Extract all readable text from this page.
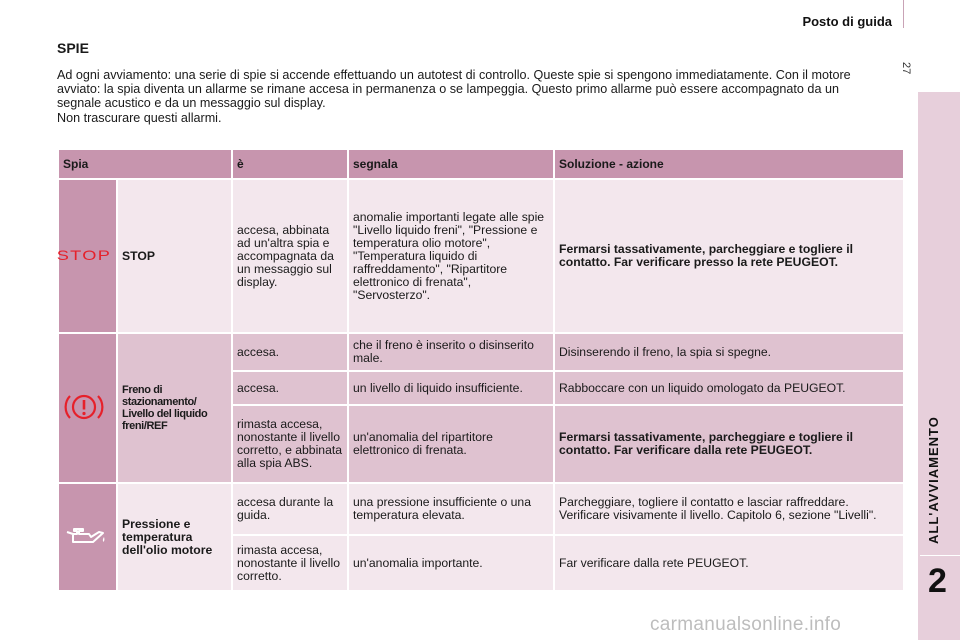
Posto di guida
27
ALL'AVVIAMENTO
2
SPIE

Ad ogni avviamento: una serie di spie si accende effettuando un autotest di controllo. Queste spie si spengono immediatamente. Con il motore avviato: la spia diventa un allarme se rimane accesa in permanenza o se lampeggia. Questo primo allarme può essere accompagnato da un segnale acustico e da un messaggio sul display.

Non trascurare questi allarmi.

Spia		è	segnala	Soluzione - azione
STOP	STOP	accesa, abbinata ad un'altra spia e accompagnata da un messaggio sul display.	anomalie importanti legate alle spie "Livello liquido freni", "Pressione e temperatura olio motore", "Temperatura liquido di raffreddamento", "Ripartitore elettronico di frenata", "Servosterzo".	Fermarsi tassativamente, parcheggiare e togliere il contatto. Far verificare presso la rete PEUGEOT.
	Freno di stazionamento/ Livello del liquido freni/REF	accesa.	che il freno è inserito o disinserito male.	Disinserendo il freno, la spia si spegne.
		accesa.	un livello di liquido insufficiente.	Rabboccare con un liquido omologato da PEUGEOT.
		rimasta accesa, nonostante il livello corretto, e abbinata alla spia ABS.	un'anomalia del ripartitore elettronico di frenata.	Fermarsi tassativamente, parcheggiare e togliere il contatto. Far verificare dalla rete PEUGEOT.
	Pressione e temperatura dell'olio motore	accesa durante la guida.	una pressione insufficiente o una temperatura elevata.	Parcheggiare, togliere il contatto e lasciar raffreddare. Verificare visivamente il livello. Capitolo 6, sezione "Livelli".
		rimasta accesa, nonostante il livello corretto.	un'anomalia importante.	Far verificare dalla rete PEUGEOT.
carmanualsonline.info
